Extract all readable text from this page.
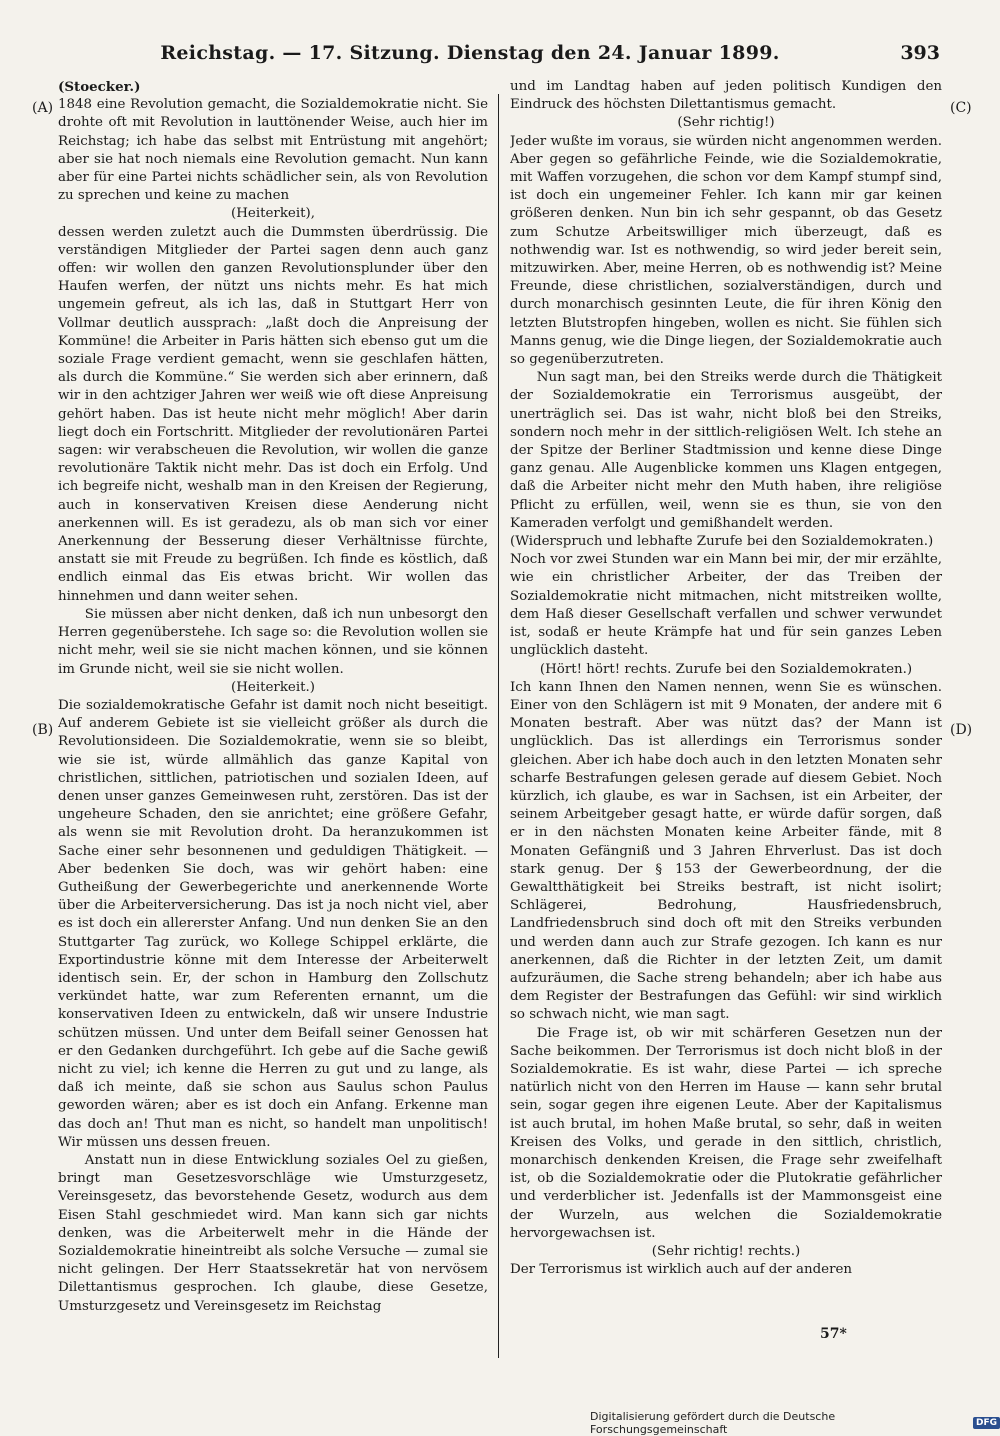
Reichstag. — 17. Sitzung. Dienstag den 24. Januar 1899.	393
(A)
(B)
(C)
(D)

(Stoecker.)

1848 eine Revolution gemacht, die Sozialdemokratie nicht. Sie drohte oft mit Revolution in lauttönender Weise, auch hier im Reichstag; ich habe das selbst mit Entrüstung mit angehört; aber sie hat noch niemals eine Revolution gemacht. Nun kann aber für eine Partei nichts schädlicher sein, als von Revolution zu sprechen und keine zu machen

(Heiterkeit),

dessen werden zuletzt auch die Dummsten überdrüssig. Die verständigen Mitglieder der Partei sagen denn auch ganz offen: wir wollen den ganzen Revolutionsplunder über den Haufen werfen, der nützt uns nichts mehr. Es hat mich ungemein gefreut, als ich las, daß in Stuttgart Herr von Vollmar deutlich aussprach: „laßt doch die Anpreisung der Kommüne! die Arbeiter in Paris hätten sich ebenso gut um die soziale Frage verdient gemacht, wenn sie geschlafen hätten, als durch die Kommüne.“ Sie werden sich aber erinnern, daß wir in den achtziger Jahren wer weiß wie oft diese Anpreisung gehört haben. Das ist heute nicht mehr möglich! Aber darin liegt doch ein Fortschritt. Mitglieder der revolutionären Partei sagen: wir verabscheuen die Revolution, wir wollen die ganze revolutionäre Taktik nicht mehr. Das ist doch ein Erfolg. Und ich begreife nicht, weshalb man in den Kreisen der Regierung, auch in konservativen Kreisen diese Aenderung nicht anerkennen will. Es ist geradezu, als ob man sich vor einer Anerkennung der Besserung dieser Verhältnisse fürchte, anstatt sie mit Freude zu begrüßen. Ich finde es köstlich, daß endlich einmal das Eis etwas bricht. Wir wollen das hinnehmen und dann weiter sehen.

Sie müssen aber nicht denken, daß ich nun unbesorgt den Herren gegenüberstehe. Ich sage so: die Revolution wollen sie nicht mehr, weil sie sie nicht machen können, und sie können im Grunde nicht, weil sie sie nicht wollen.

(Heiterkeit.)

Die sozialdemokratische Gefahr ist damit noch nicht beseitigt. Auf anderem Gebiete ist sie vielleicht größer als durch die Revolutionsideen. Die Sozialdemokratie, wenn sie so bleibt, wie sie ist, würde allmählich das ganze Kapital von christlichen, sittlichen, patriotischen und sozialen Ideen, auf denen unser ganzes Gemeinwesen ruht, zerstören. Das ist der ungeheure Schaden, den sie anrichtet; eine größere Gefahr, als wenn sie mit Revolution droht. Da heranzukommen ist Sache einer sehr besonnenen und geduldigen Thätigkeit. — Aber bedenken Sie doch, was wir gehört haben: eine Gutheißung der Gewerbegerichte und anerkennende Worte über die Arbeiterversicherung. Das ist ja noch nicht viel, aber es ist doch ein allererster Anfang. Und nun denken Sie an den Stuttgarter Tag zurück, wo Kollege Schippel erklärte, die Exportindustrie könne mit dem Interesse der Arbeiterwelt identisch sein. Er, der schon in Hamburg den Zollschutz verkündet hatte, war zum Referenten ernannt, um die konservativen Ideen zu entwickeln, daß wir unsere Industrie schützen müssen. Und unter dem Beifall seiner Genossen hat er den Gedanken durchgeführt. Ich gebe auf die Sache gewiß nicht zu viel; ich kenne die Herren zu gut und zu lange, als daß ich meinte, daß sie schon aus Saulus schon Paulus geworden wären; aber es ist doch ein Anfang. Erkenne man das doch an! Thut man es nicht, so handelt man unpolitisch! Wir müssen uns dessen freuen.

Anstatt nun in diese Entwicklung soziales Oel zu gießen, bringt man Gesetzesvorschläge wie Umsturzgesetz, Vereinsgesetz, das bevorstehende Gesetz, wodurch aus dem Eisen Stahl geschmiedet wird. Man kann sich gar nichts denken, was die Arbeiterwelt mehr in die Hände der Sozialdemokratie hineintreibt als solche Versuche — zumal sie nicht gelingen. Der Herr Staatssekretär hat von nervösem Dilettantismus gesprochen. Ich glaube, diese Gesetze, Umsturzgesetz und Vereinsgesetz im Reichstag

und im Landtag haben auf jeden politisch Kundigen den Eindruck des höchsten Dilettantismus gemacht.

(Sehr richtig!)

Jeder wußte im voraus, sie würden nicht angenommen werden. Aber gegen so gefährliche Feinde, wie die Sozialdemokratie, mit Waffen vorzugehen, die schon vor dem Kampf stumpf sind, ist doch ein ungemeiner Fehler. Ich kann mir gar keinen größeren denken. Nun bin ich sehr gespannt, ob das Gesetz zum Schutze Arbeitswilliger mich überzeugt, daß es nothwendig war. Ist es nothwendig, so wird jeder bereit sein, mitzuwirken. Aber, meine Herren, ob es nothwendig ist? Meine Freunde, diese christlichen, sozialverständigen, durch und durch monarchisch gesinnten Leute, die für ihren König den letzten Blutstropfen hingeben, wollen es nicht. Sie fühlen sich Manns genug, wie die Dinge liegen, der Sozialdemokratie auch so gegenüberzutreten.

Nun sagt man, bei den Streiks werde durch die Thätigkeit der Sozialdemokratie ein Terrorismus ausgeübt, der unerträglich sei. Das ist wahr, nicht bloß bei den Streiks, sondern noch mehr in der sittlich-religiösen Welt. Ich stehe an der Spitze der Berliner Stadtmission und kenne diese Dinge ganz genau. Alle Augenblicke kommen uns Klagen entgegen, daß die Arbeiter nicht mehr den Muth haben, ihre religiöse Pflicht zu erfüllen, weil, wenn sie es thun, sie von den Kameraden verfolgt und gemißhandelt werden.

(Widerspruch und lebhafte Zurufe bei den Sozialdemokraten.)

Noch vor zwei Stunden war ein Mann bei mir, der mir erzählte, wie ein christlicher Arbeiter, der das Treiben der Sozialdemokratie nicht mitmachen, nicht mitstreiken wollte, dem Haß dieser Gesellschaft verfallen und schwer verwundet ist, sodaß er heute Krämpfe hat und für sein ganzes Leben unglücklich dasteht.

(Hört! hört! rechts. Zurufe bei den Sozialdemokraten.)

Ich kann Ihnen den Namen nennen, wenn Sie es wünschen. Einer von den Schlägern ist mit 9 Monaten, der andere mit 6 Monaten bestraft. Aber was nützt das? der Mann ist unglücklich. Das ist allerdings ein Terrorismus sonder gleichen. Aber ich habe doch auch in den letzten Monaten sehr scharfe Bestrafungen gelesen gerade auf diesem Gebiet. Noch kürzlich, ich glaube, es war in Sachsen, ist ein Arbeiter, der seinem Arbeitgeber gesagt hatte, er würde dafür sorgen, daß er in den nächsten Monaten keine Arbeiter fände, mit 8 Monaten Gefängniß und 3 Jahren Ehrverlust. Das ist doch stark genug. Der § 153 der Gewerbeordnung, der die Gewaltthätigkeit bei Streiks bestraft, ist nicht isolirt; Schlägerei, Bedrohung, Hausfriedensbruch, Landfriedensbruch sind doch oft mit den Streiks verbunden und werden dann auch zur Strafe gezogen. Ich kann es nur anerkennen, daß die Richter in der letzten Zeit, um damit aufzuräumen, die Sache streng behandeln; aber ich habe aus dem Register der Bestrafungen das Gefühl: wir sind wirklich so schwach nicht, wie man sagt.

Die Frage ist, ob wir mit schärferen Gesetzen nun der Sache beikommen. Der Terrorismus ist doch nicht bloß in der Sozialdemokratie. Es ist wahr, diese Partei — ich spreche natürlich nicht von den Herren im Hause — kann sehr brutal sein, sogar gegen ihre eigenen Leute. Aber der Kapitalismus ist auch brutal, im hohen Maße brutal, so sehr, daß in weiten Kreisen des Volks, und gerade in den sittlich, christlich, monarchisch denkenden Kreisen, die Frage sehr zweifelhaft ist, ob die Sozialdemokratie oder die Plutokratie gefährlicher und verderblicher ist. Jedenfalls ist der Mammonsgeist eine der Wurzeln, aus welchen die Sozialdemokratie hervorgewachsen ist.

(Sehr richtig! rechts.)

Der Terrorismus ist wirklich auch auf der anderen

57*
Digitalisierung gefördert durch die Deutsche Forschungsgemeinschaft	DFG
